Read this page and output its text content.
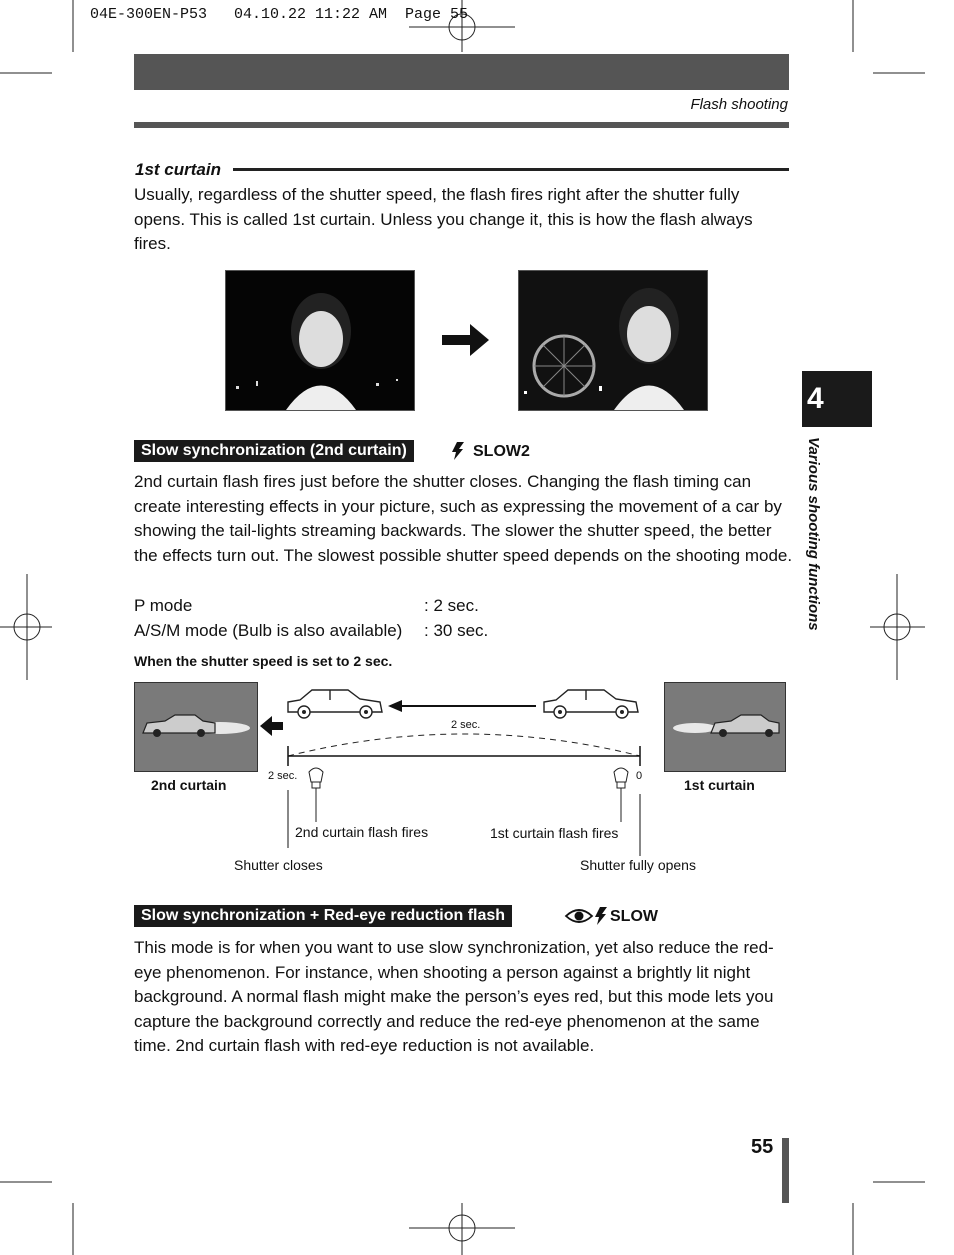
04E-300EN-P53   04.10.22 11:22 AM  Page 55
Flash shooting
1st curtain
Usually, regardless of the shutter speed, the flash fires right after the shutter fully opens. This is called 1st curtain. Unless you change it, this is how the flash always fires.
Slow synchronization (2nd curtain)	SLOW2
2nd curtain flash fires just before the shutter closes. Changing the flash timing can create interesting effects in your picture, such as expressing the movement of a car by showing the tail-lights streaming backwards. The slower the shutter speed, the better the effects turn out. The slowest possible shutter speed depends on the shooting mode.
P mode	: 2 sec.
A/S/M mode (Bulb is also available) : 30 sec.
When the shutter speed is set to 2 sec.
2 sec.
2 sec.	0
2nd curtain	1st curtain
2nd curtain flash fires	1st curtain flash fires
Shutter closes	Shutter fully opens
Slow synchronization + Red-eye reduction flash	SLOW
This mode is for when you want to use slow synchronization, yet also reduce the red-eye phenomenon. For instance, when shooting a person against a brightly lit night background. A normal flash might make the person’s eyes red, but this mode lets you capture the background correctly and reduce the red-eye phenomenon at the same time. 2nd curtain flash with red-eye reduction is not available.
4
Various shooting functions
55
